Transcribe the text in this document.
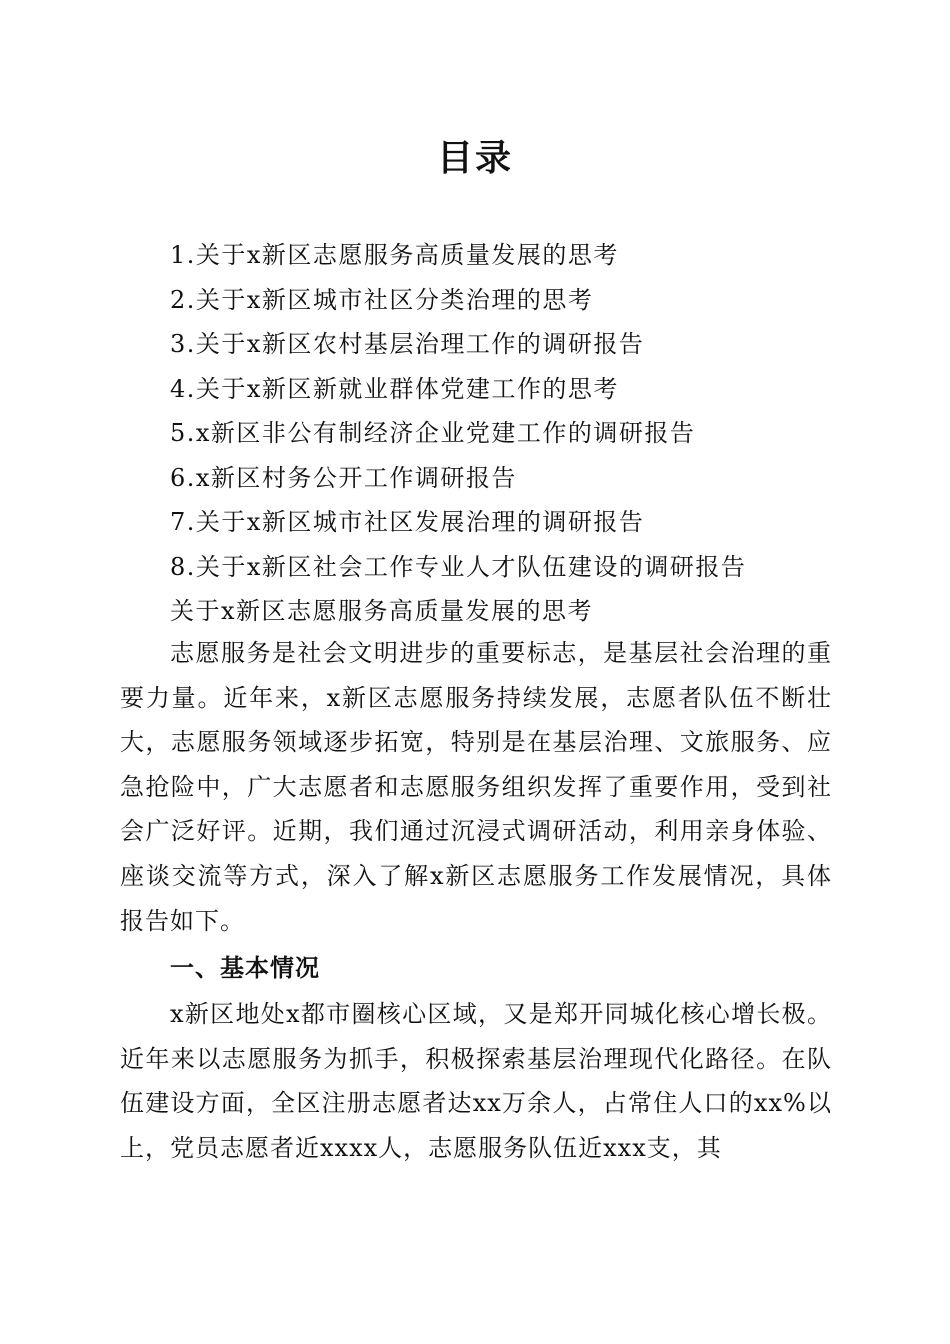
目录
1.关于x新区志愿服务高质量发展的思考
2.关于x新区城市社区分类治理的思考
3.关于x新区农村基层治理工作的调研报告
4.关于x新区新就业群体党建工作的思考
5.x新区非公有制经济企业党建工作的调研报告
6.x新区村务公开工作调研报告
7.关于x新区城市社区发展治理的调研报告
8.关于x新区社会工作专业人才队伍建设的调研报告
关于x新区志愿服务高质量发展的思考

志愿服务是社会文明进步的重要标志，是基层社会治理的重要力量。近年来，x新区志愿服务持续发展，志愿者队伍不断壮大，志愿服务领域逐步拓宽，特别是在基层治理、文旅服务、应急抢险中，广大志愿者和志愿服务组织发挥了重要作用，受到社会广泛好评。近期，我们通过沉浸式调研活动，利用亲身体验、座谈交流等方式，深入了解x新区志愿服务工作发展情况，具体报告如下。

一、基本情况

x新区地处x都市圈核心区域，又是郑开同城化核心增长极。近年来以志愿服务为抓手，积极探索基层治理现代化路径。在队伍建设方面，全区注册志愿者达xx万余人，占常住人口的xx%以上，党员志愿者近xxxx人，志愿服务队伍近xxx支，其
